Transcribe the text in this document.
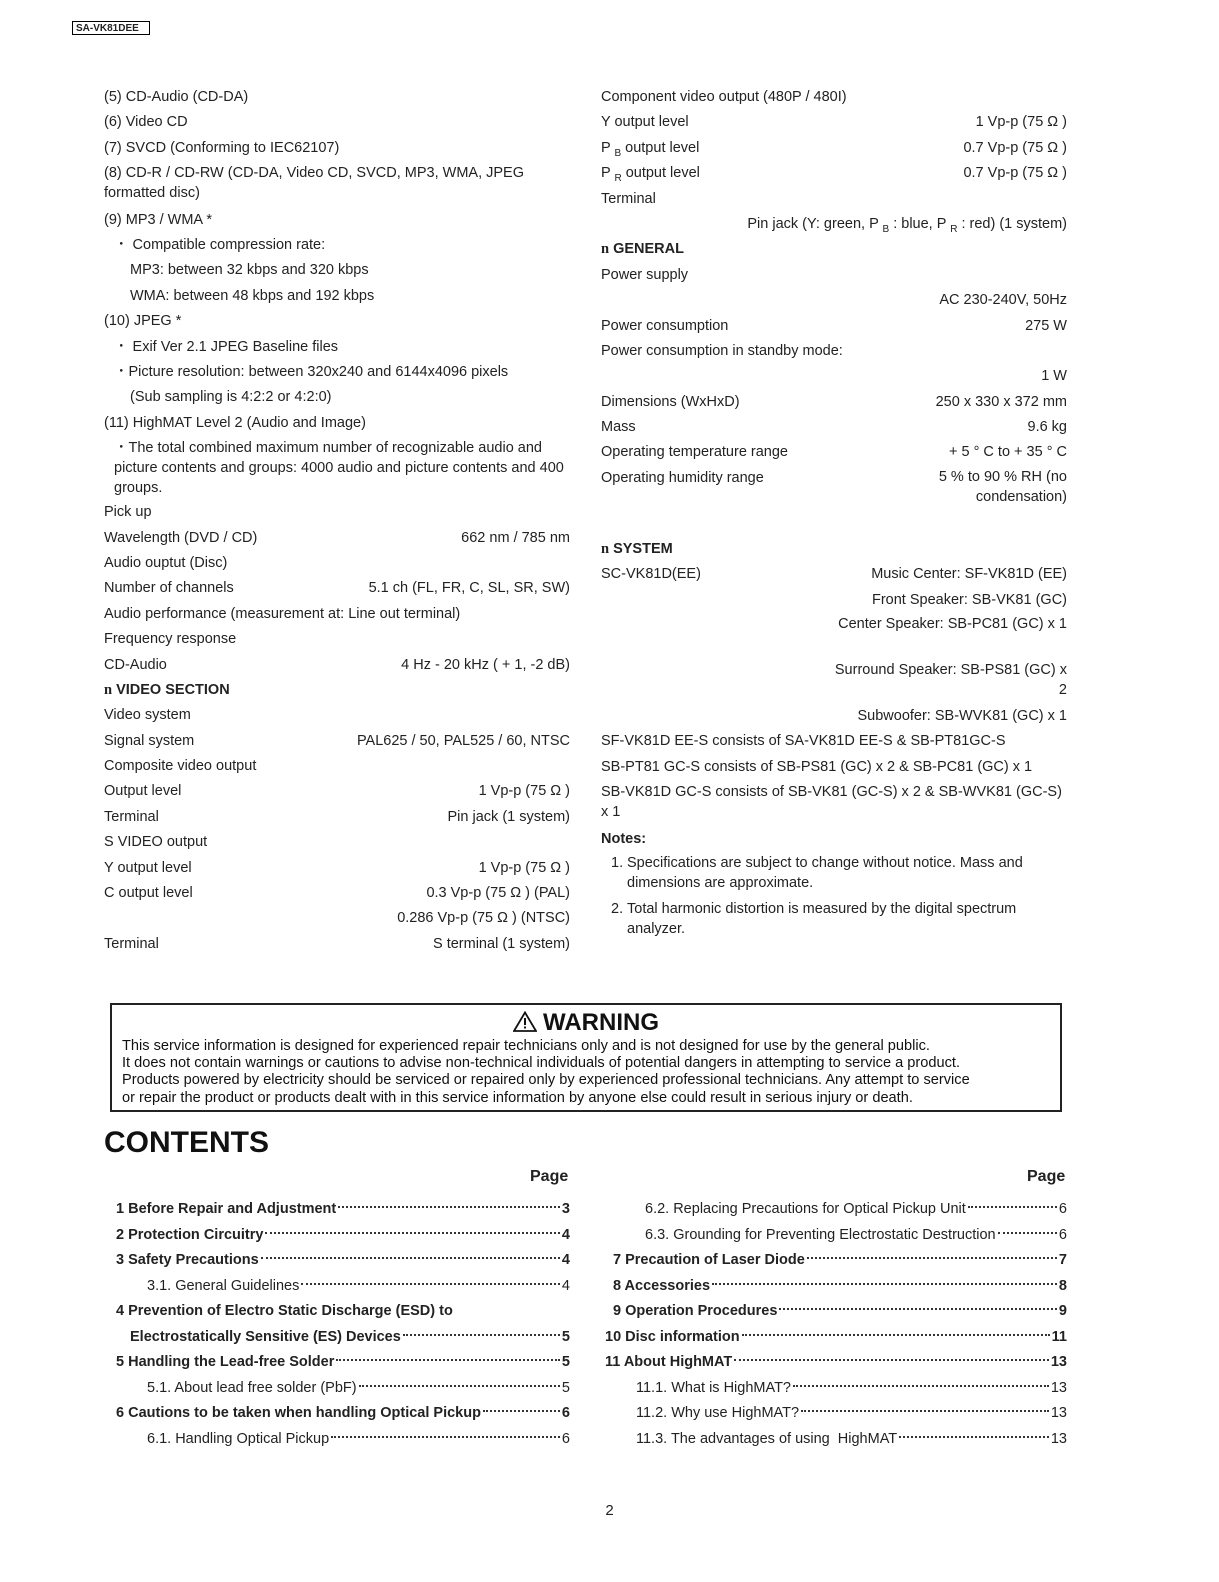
SA-VK81DEE
(5) CD-Audio (CD-DA)
(6) Video CD
(7) SVCD (Conforming to IEC62107)
(8) CD-R / CD-RW (CD-DA, Video CD, SVCD, MP3, WMA, JPEG formatted disc)
(9) MP3 / WMA *
・ Compatible compression rate:
MP3: between 32 kbps and 320 kbps
WMA: between 48 kbps and 192 kbps
(10) JPEG *
・ Exif Ver 2.1 JPEG Baseline files
・Picture resolution: between 320x240 and 6144x4096 pixels
(Sub sampling is 4:2:2 or 4:2:0)
(11) HighMAT Level 2 (Audio and Image)
・The total combined maximum number of recognizable audio and picture contents and groups: 4000 audio and picture contents and 400 groups.
Pick up
Wavelength (DVD / CD)	662 nm / 785 nm
Audio ouptut (Disc)
Number of channels	5.1 ch (FL, FR, C, SL, SR, SW)
Audio performance (measurement at: Line out terminal)
Frequency response
CD-Audio	4 Hz - 20 kHz ( + 1, -2 dB)
n VIDEO SECTION
Video system
Signal system	PAL625 / 50, PAL525 / 60, NTSC
Composite video output
Output level	1 Vp-p (75 Ω )
Terminal	Pin jack (1 system)
S VIDEO output
Y output level	1 Vp-p (75 Ω )
C output level	0.3 Vp-p (75 Ω ) (PAL)
0.286 Vp-p (75 Ω ) (NTSC)
Terminal	S terminal (1 system)
Component video output (480P / 480I)
Y output level	1 Vp-p (75 Ω )
P $_B$ output level	0.7 Vp-p (75 Ω )
P $_R$ output level	0.7 Vp-p (75 Ω )
Terminal
Pin jack (Y: green, P $_B$ : blue, P $_R$ : red) (1 system)
n GENERAL
Power supply
AC 230-240V, 50Hz
Power consumption	275 W
Power consumption in standby mode:
1 W
Dimensions (WxHxD)	250 x 330 x 372 mm
Mass	9.6 kg
Operating temperature range	+ 5 ° C to + 35 ° C
Operating humidity range	5 % to 90 % RH (no condensation)
n SYSTEM
SC-VK81D(EE)	Music Center: SF-VK81D (EE)
Front Speaker: SB-VK81 (GC)
Center Speaker: SB-PC81 (GC) x 1
Surround Speaker: SB-PS81 (GC) x 2
Subwoofer: SB-WVK81 (GC) x 1
SF-VK81D EE-S consists of SA-VK81D EE-S & SB-PT81GC-S
SB-PT81 GC-S consists of SB-PS81 (GC) x 2 & SB-PC81 (GC) x 1
SB-VK81D GC-S consists of SB-VK81 (GC-S) x 2 & SB-WVK81 (GC-S) x 1
Notes:
1. Specifications are subject to change without notice. Mass and dimensions are approximate.
2. Total harmonic distortion is measured by the digital spectrum analyzer.
WARNING
This service information is designed for experienced repair technicians only and is not designed for use by the general public.
It does not contain warnings or cautions to advise non-technical individuals of potential dangers in attempting to service a product.
Products powered by electricity should be serviced or repaired only by experienced professional technicians. Any attempt to service
or repair the product or products dealt with in this service information by anyone else could result in serious injury or death.
CONTENTS
Page	Page
1 Before Repair and Adjustment	3
2 Protection Circuitry	4
3 Safety Precautions	4
3.1. General Guidelines	4
4 Prevention of Electro Static Discharge (ESD) to
Electrostatically Sensitive (ES) Devices	5
5 Handling the Lead-free Solder	5
5.1. About lead free solder (PbF)	5
6 Cautions to be taken when handling Optical Pickup	6
6.1. Handling Optical Pickup	6
6.2. Replacing Precautions for Optical Pickup Unit	6
6.3. Grounding for Preventing Electrostatic Destruction	6
7 Precaution of Laser Diode	7
8 Accessories	8
9 Operation Procedures	9
10 Disc information	11
11 About HighMAT	13
11.1. What is HighMAT?	13
11.2. Why use HighMAT?	13
11.3. The advantages of using  HighMAT	13
2
